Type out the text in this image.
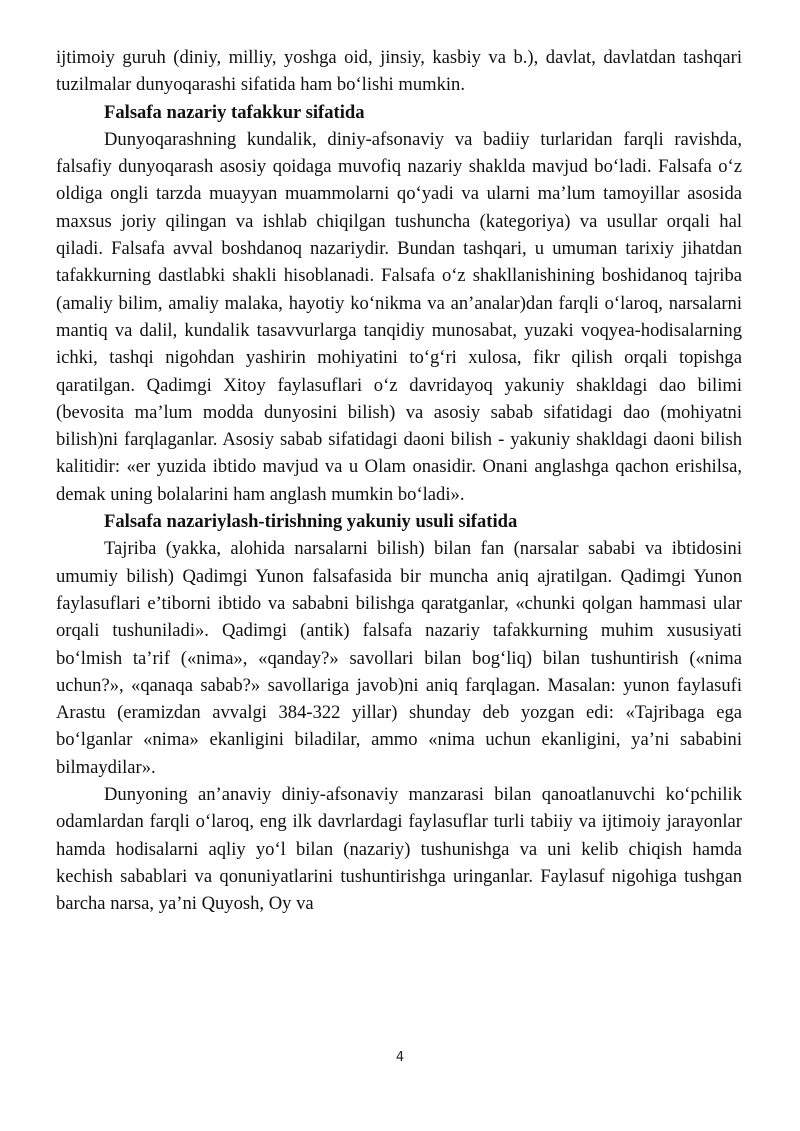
ijtimoiy guruh (diniy, milliy, yoshga oid, jinsiy, kasbiy va b.), davlat, davlatdan tashqari tuzilmalar dunyoqarashi sifatida ham bo‘lishi mumkin.

Falsafa nazariy tafakkur sifatida

Dunyoqarashning kundalik, diniy-afsonaviy va badiiy turlaridan farqli ravishda, falsafiy dunyoqarash asosiy qoidaga muvofiq nazariy shaklda mavjud bo‘ladi. Falsafa o‘z oldiga ongli tarzda muayyan muammolarni qo‘yadi va ularni ma’lum tamoyillar asosida maxsus joriy qilingan va ishlab chiqilgan tushuncha (kategoriya) va usullar orqali hal qiladi. Falsafa avval boshdanoq nazariydir. Bundan tashqari, u umuman tarixiy jihatdan tafakkurning dastlabki shakli hisoblanadi. Falsafa o‘z shakllanishining boshidanoq tajriba (amaliy bilim, amaliy malaka, hayotiy ko‘nikma va an’analar)dan farqli o‘laroq, narsalarni mantiq va dalil, kundalik tasavvurlarga tanqidiy munosabat, yuzaki voqyea-hodisalarning ichki, tashqi nigohdan yashirin mohiyatini to‘g‘ri xulosa, fikr qilish orqali topishga qaratilgan. Qadimgi Xitoy faylasuflari o‘z davridayoq yakuniy shakldagi dao bilimi (bevosita ma’lum modda dunyosini bilish) va asosiy sabab sifatidagi dao (mohiyatni bilish)ni farqlaganlar. Asosiy sabab sifatidagi daoni bilish - yakuniy shakldagi daoni bilish kalitidir: «er yuzida ibtido mavjud va u Olam onasidir. Onani anglashga qachon erishilsa, demak uning bolalarini ham anglash mumkin bo‘ladi».

Falsafa nazariylash-tirishning yakuniy usuli sifatida

Tajriba (yakka, alohida narsalarni bilish) bilan fan (narsalar sababi va ibtidosini umumiy bilish) Qadimgi Yunon falsafasida bir muncha aniq ajratilgan. Qadimgi Yunon faylasuflari e’tiborni ibtido va sababni bilishga qaratganlar, «chunki qolgan hammasi ular orqali tushuniladi». Qadimgi (antik) falsafa nazariy tafakkurning muhim xususiyati bo‘lmish ta’rif («nima», «qanday?» savollari bilan bog‘liq) bilan tushuntirish («nima uchun?», «qanaqa sabab?» savollariga javob)ni aniq farqlagan. Masalan: yunon faylasufi Arastu (eramizdan avvalgi 384-322 yillar) shunday deb yozgan edi: «Tajribaga ega bo‘lganlar «nima» ekanligini biladilar, ammo «nima uchun ekanligini, ya’ni sababini bilmaydilar».

Dunyoning an’anaviy diniy-afsonaviy manzarasi bilan qanoatlanuvchi ko‘pchilik odamlardan farqli o‘laroq, eng ilk davrlardagi faylasuflar turli tabiiy va ijtimoiy jarayonlar hamda hodisalarni aqliy yo‘l bilan (nazariy) tushunishga va uni kelib chiqish hamda kechish sabablari va qonuniyatlarini tushuntirishga uringanlar. Faylasuf nigohiga tushgan barcha narsa, ya’ni Quyosh, Oy va

4
